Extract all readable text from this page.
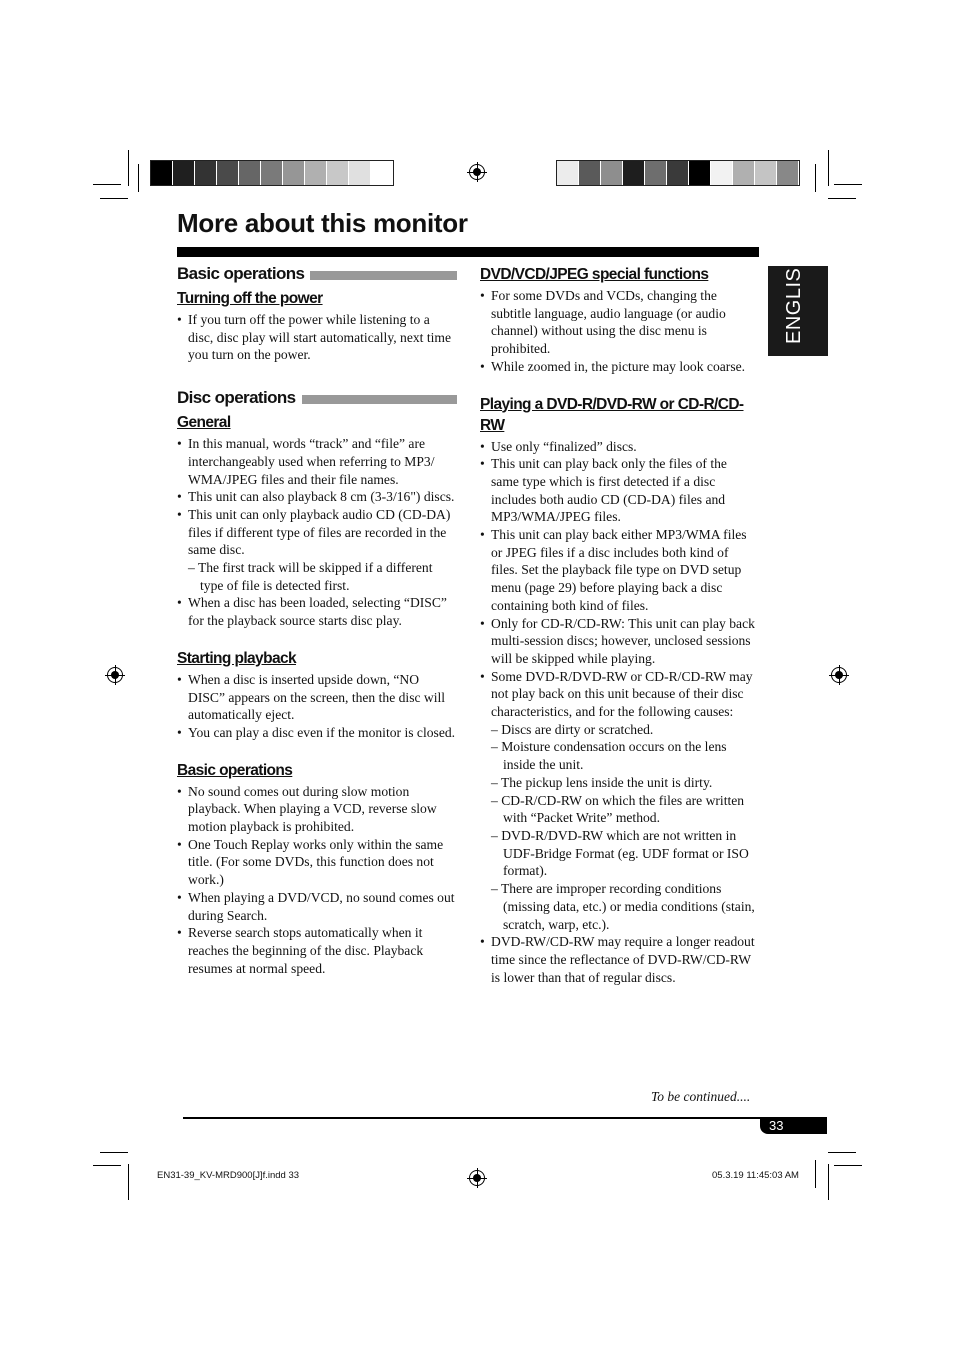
More about this monitor
ENGLISH
Basic operations
Turning off the power
• If you turn off the power while listening to a disc, disc play will start automatically, next time you turn on the power.
Disc operations
General
• In this manual, words “track” and “file” are interchangeably used when referring to MP3/ WMA/JPEG files and their file names.
• This unit can also playback 8 cm (3-3/16") discs.
• This unit can only playback audio CD (CD-DA) files if different type of files are recorded in the same disc.
– The first track will be skipped if a different type of file is detected first.
• When a disc has been loaded, selecting “DISC” for the playback source starts disc play.
Starting playback
• When a disc is inserted upside down, “NO DISC” appears on the screen, then the disc will automatically eject.
• You can play a disc even if the monitor is closed.
Basic operations
• No sound comes out during slow motion playback. When playing a VCD, reverse slow motion playback is prohibited.
• One Touch Replay works only within the same title. (For some DVDs, this function does not work.)
• When playing a DVD/VCD, no sound comes out during Search.
• Reverse search stops automatically when it reaches the beginning of the disc. Playback resumes at normal speed.
DVD/VCD/JPEG special functions
• For some DVDs and VCDs, changing the subtitle language, audio language (or audio channel) without using the disc menu is prohibited.
• While zoomed in, the picture may look coarse.
Playing a DVD-R/DVD-RW or CD-R/CD-RW
• Use only “finalized” discs.
• This unit can play back only the files of the same type which is first detected if a disc includes both audio CD (CD-DA) files and MP3/WMA/JPEG files.
• This unit can play back either MP3/WMA files or JPEG files if a disc includes both kind of files. Set the playback file type on DVD setup menu (page 29) before playing back a disc containing both kind of files.
• Only for CD-R/CD-RW: This unit can play back multi-session discs; however, unclosed sessions will be skipped while playing.
• Some DVD-R/DVD-RW or CD-R/CD-RW may not play back on this unit because of their disc characteristics, and for the following causes:
– Discs are dirty or scratched.
– Moisture condensation occurs on the lens inside the unit.
– The pickup lens inside the unit is dirty.
– CD-R/CD-RW on which the files are written with “Packet Write” method.
– DVD-R/DVD-RW which are not written in UDF-Bridge Format (eg. UDF format or ISO format).
– There are improper recording conditions (missing data, etc.) or media conditions (stain, scratch, warp, etc.).
• DVD-RW/CD-RW may require a longer readout time since the reflectance of DVD-RW/CD-RW is lower than that of regular discs.
To be continued....
33
EN31-39_KV-MRD900[J]f.indd 33	05.3.19 11:45:03 AM
